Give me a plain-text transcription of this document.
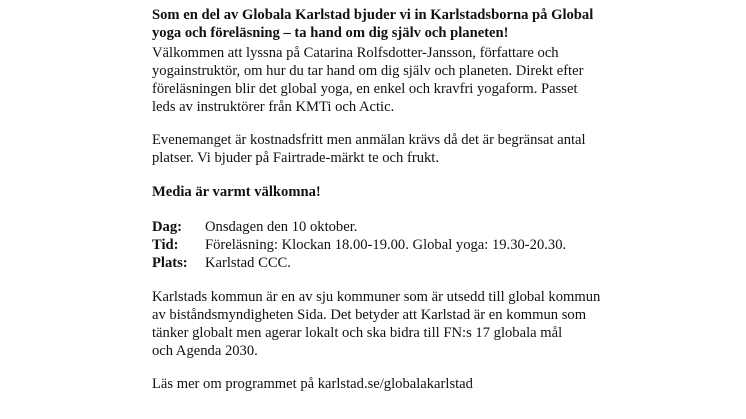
Som en del av Globala Karlstad bjuder vi in Karlstadsborna på Global
yoga och föreläsning – ta hand om dig själv och planeten!
Välkommen att lyssna på Catarina Rolfsdotter-Jansson, författare och
yogainstruktör, om hur du tar hand om dig själv och planeten. Direkt efter
föreläsningen blir det global yoga, en enkel och kravfri yogaform. Passet
leds av instruktörer från KMTi och Actic.
Evenemanget är kostnadsfritt men anmälan krävs då det är begränsat antal
platser. Vi bjuder på Fairtrade-märkt te och frukt.
Media är varmt välkomna!
Dag:	Onsdagen den 10 oktober.
Tid:	Föreläsning: Klockan 18.00-19.00. Global yoga: 19.30-20.30.
Plats:	Karlstad CCC.
Karlstads kommun är en av sju kommuner som är utsedd till global kommun
av biståndsmyndigheten Sida. Det betyder att Karlstad är en kommun som
tänker globalt men agerar lokalt och ska bidra till FN:s 17 globala mål
och Agenda 2030.
Läs mer om programmet på karlstad.se/globalakarlstad
